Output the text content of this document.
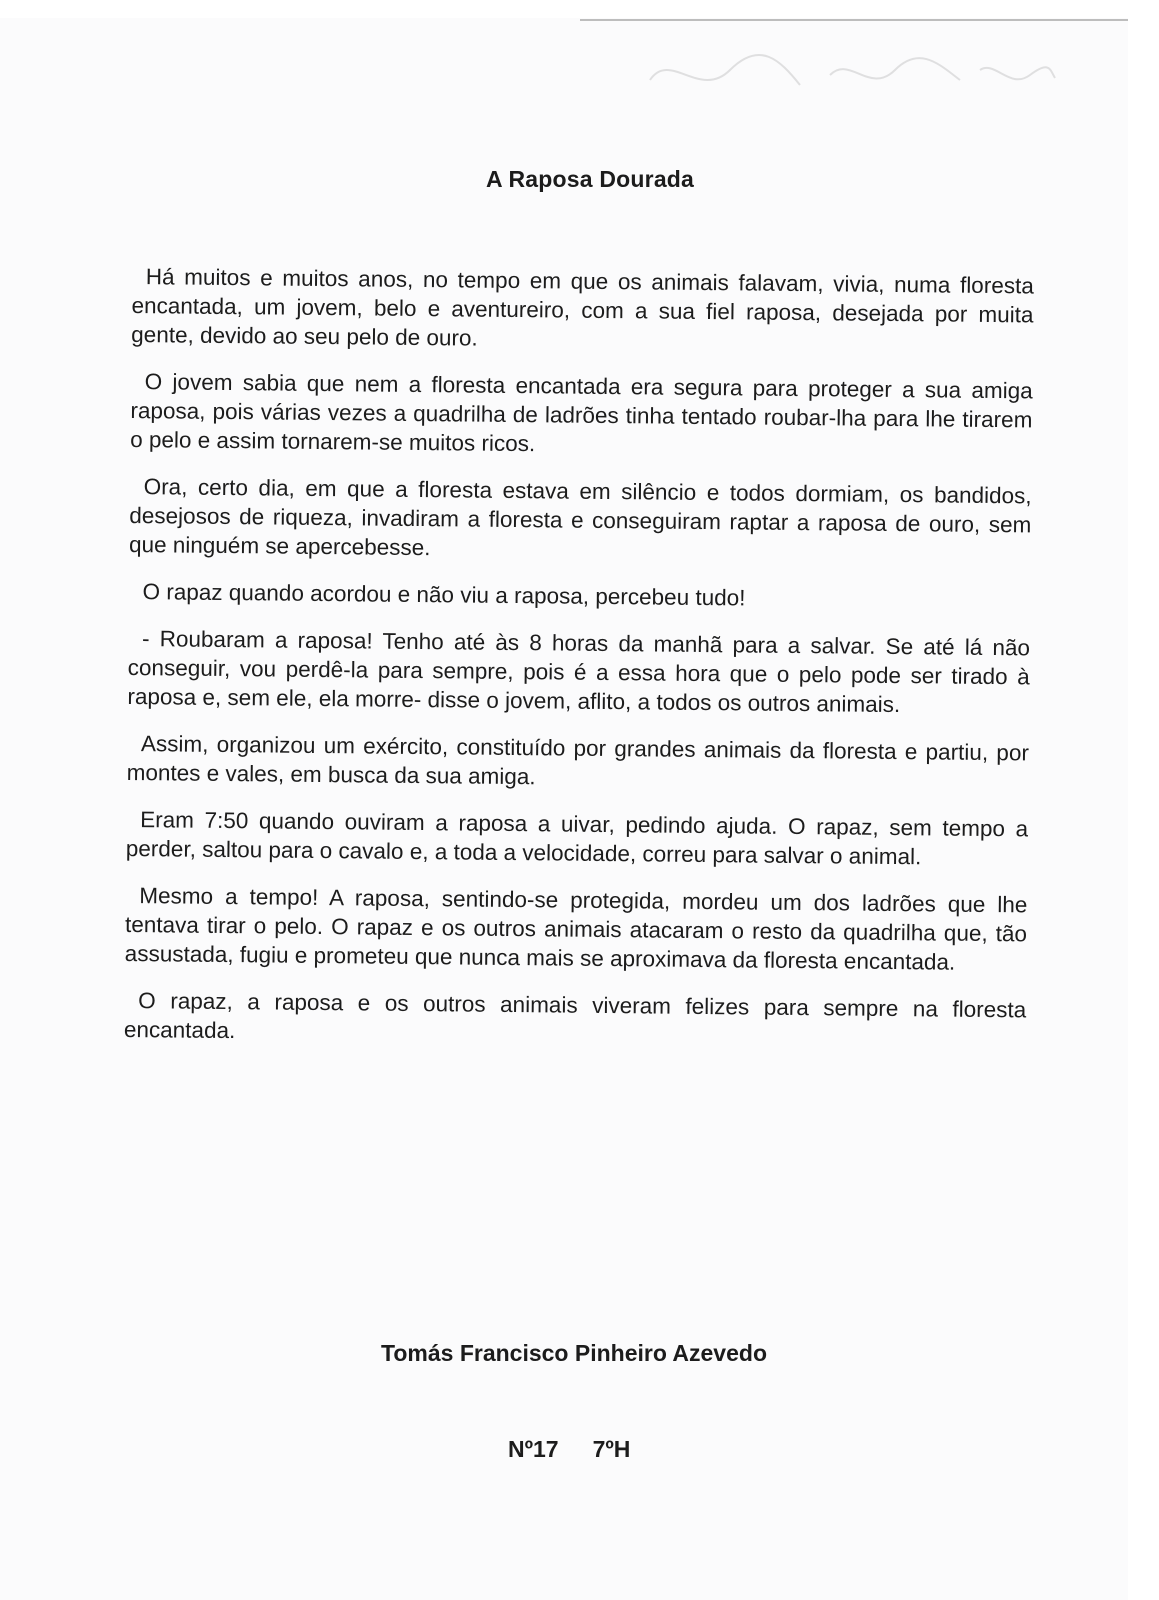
A Raposa Dourada

Há muitos e muitos anos, no tempo em que os animais falavam, vivia, numa floresta encantada, um jovem, belo e aventureiro, com a sua fiel raposa, desejada por muita gente, devido ao seu pelo de ouro.

O jovem sabia que nem a floresta encantada era segura para proteger a sua amiga raposa, pois várias vezes a quadrilha de ladrões tinha tentado roubar-lha para lhe tirarem o pelo e assim tornarem-se muitos ricos.

Ora, certo dia, em que a floresta estava em silêncio e todos dormiam, os bandidos, desejosos de riqueza, invadiram a floresta e conseguiram raptar a raposa de ouro, sem que ninguém se apercebesse.

O rapaz quando acordou e não viu a raposa, percebeu tudo!

- Roubaram a raposa! Tenho até às 8 horas da manhã para a salvar. Se até lá não conseguir, vou perdê-la para sempre, pois é a essa hora que o pelo pode ser tirado à raposa e, sem ele, ela morre- disse o jovem, aflito, a todos os outros animais.

Assim, organizou um exército, constituído por grandes animais da floresta e partiu, por montes e vales, em busca da sua amiga.

Eram 7:50 quando ouviram a raposa a uivar, pedindo ajuda. O rapaz, sem tempo a perder, saltou para o cavalo e, a toda a velocidade, correu para salvar o animal.

Mesmo a tempo! A raposa, sentindo-se protegida, mordeu um dos ladrões que lhe tentava tirar o pelo. O rapaz e os outros animais atacaram o resto da quadrilha que, tão assustada, fugiu e prometeu que nunca mais se aproximava da floresta encantada.

O rapaz, a raposa e os outros animais viveram felizes para sempre na floresta encantada.

Tomás Francisco Pinheiro Azevedo
Nº17 7ºH
